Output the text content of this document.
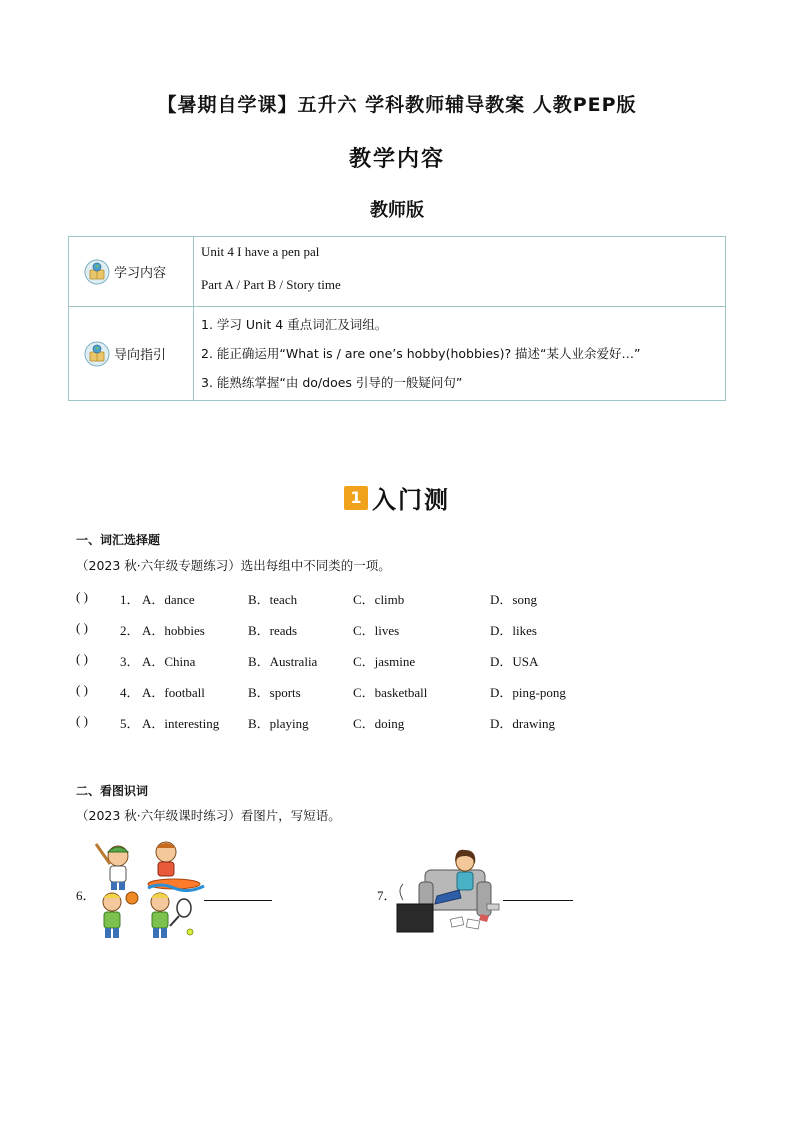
【暑期自学课】五升六 学科教师辅导教案 人教PEP版
教学内容
教师版
学习内容	Unit 4 I have a pen pal
Part A / Part B / Story time

导向指引	1. 学习 Unit 4 重点词汇及词组。
2. 能正确运用“What is / are one’s hobby(hobbies)? 描述“某人业余爱好…”
3. 能熟练掌握“由 do/does 引导的一般疑问句”
1 入门测
一、词汇选择题
（2023 秋·六年级专题练习）选出每组中不同类的一项。
( ) 1． A．dance	B．teach	C．climb	D．song
( ) 2． A．hobbies	B．reads	C．lives	D．likes
( ) 3． A．China	B．Australia	C．jasmine	D．USA
( ) 4． A．football	B．sports	C．basketball	D．ping-pong
( ) 5． A．interesting B．playing	C．doing	D．drawing
二、看图识词
（2023 秋·六年级课时练习）看图片，写短语。
6．	7．
